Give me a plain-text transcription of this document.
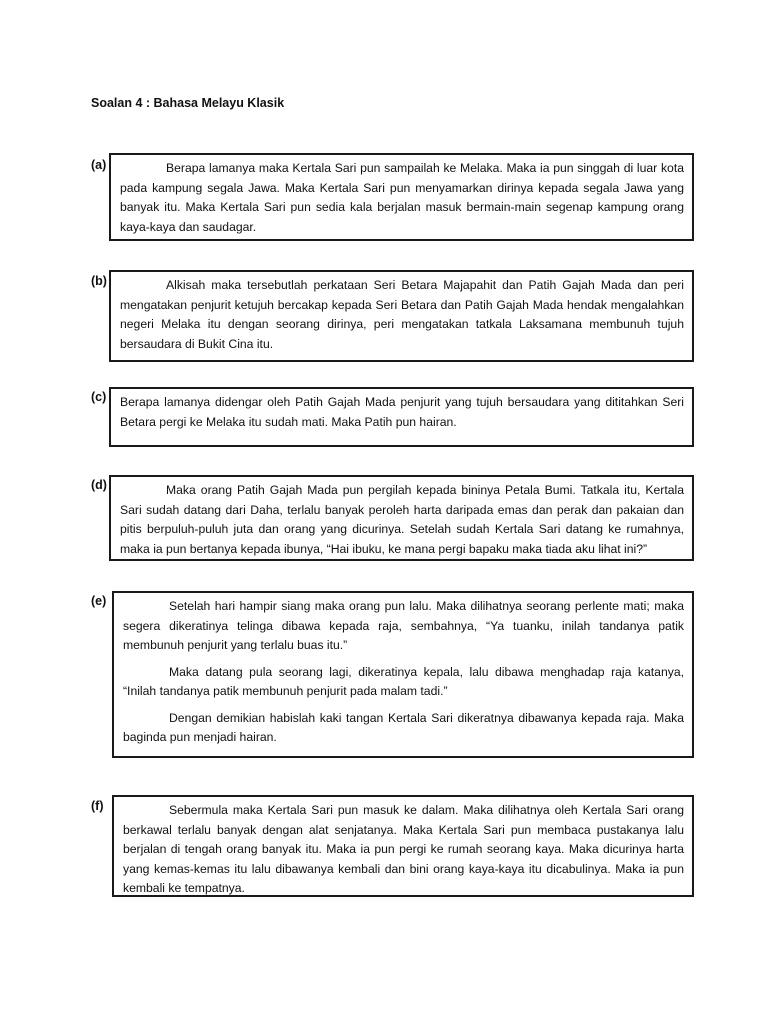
Soalan 4 : Bahasa Melayu Klasik
(a)	Berapa lamanya maka Kertala Sari pun sampailah ke Melaka. Maka ia pun singgah di luar kota pada kampung segala Jawa. Maka Kertala Sari pun menyamarkan dirinya kepada segala Jawa yang banyak itu. Maka Kertala Sari pun sedia kala berjalan masuk bermain-main segenap kampung orang kaya-kaya dan saudagar.

(b)	Alkisah maka tersebutlah perkataan Seri Betara Majapahit dan Patih Gajah Mada dan peri mengatakan penjurit ketujuh bercakap kepada Seri Betara dan Patih Gajah Mada hendak mengalahkan negeri Melaka itu dengan seorang dirinya, peri mengatakan tatkala Laksamana membunuh tujuh bersaudara di Bukit Cina itu.

(c) Berapa lamanya didengar oleh Patih Gajah Mada penjurit yang tujuh bersaudara yang dititahkan Seri Betara pergi ke Melaka itu sudah mati. Maka Patih pun hairan.

(d)	Maka orang Patih Gajah Mada pun pergilah kepada bininya Petala Bumi. Tatkala itu, Kertala Sari sudah datang dari Daha, terlalu banyak peroleh harta daripada emas dan perak dan pakaian dan pitis berpuluh-puluh juta dan orang yang dicurinya. Setelah sudah Kertala Sari datang ke rumahnya, maka ia pun bertanya kepada ibunya, “Hai ibuku, ke mana pergi bapaku maka tiada aku lihat ini?”

(e)	Setelah hari hampir siang maka orang pun lalu. Maka dilihatnya seorang perlente mati; maka segera dikeratinya telinga dibawa kepada raja, sembahnya, “Ya tuanku, inilah tandanya patik membunuh penjurit yang terlalu buas itu.”

Maka datang pula seorang lagi, dikeratinya kepala, lalu dibawa menghadap raja katanya, “Inilah tandanya patik membunuh penjurit pada malam tadi.”

Dengan demikian habislah kaki tangan Kertala Sari dikeratnya dibawanya kepada raja. Maka baginda pun menjadi hairan.

(f)	Sebermula maka Kertala Sari pun masuk ke dalam. Maka dilihatnya oleh Kertala Sari orang berkawal terlalu banyak dengan alat senjatanya. Maka Kertala Sari pun membaca pustakanya lalu berjalan di tengah orang banyak itu. Maka ia pun pergi ke rumah seorang kaya. Maka dicurinya harta yang kemas-kemas itu lalu dibawanya kembali dan bini orang kaya-kaya itu dicabulinya. Maka ia pun kembali ke tempatnya.
